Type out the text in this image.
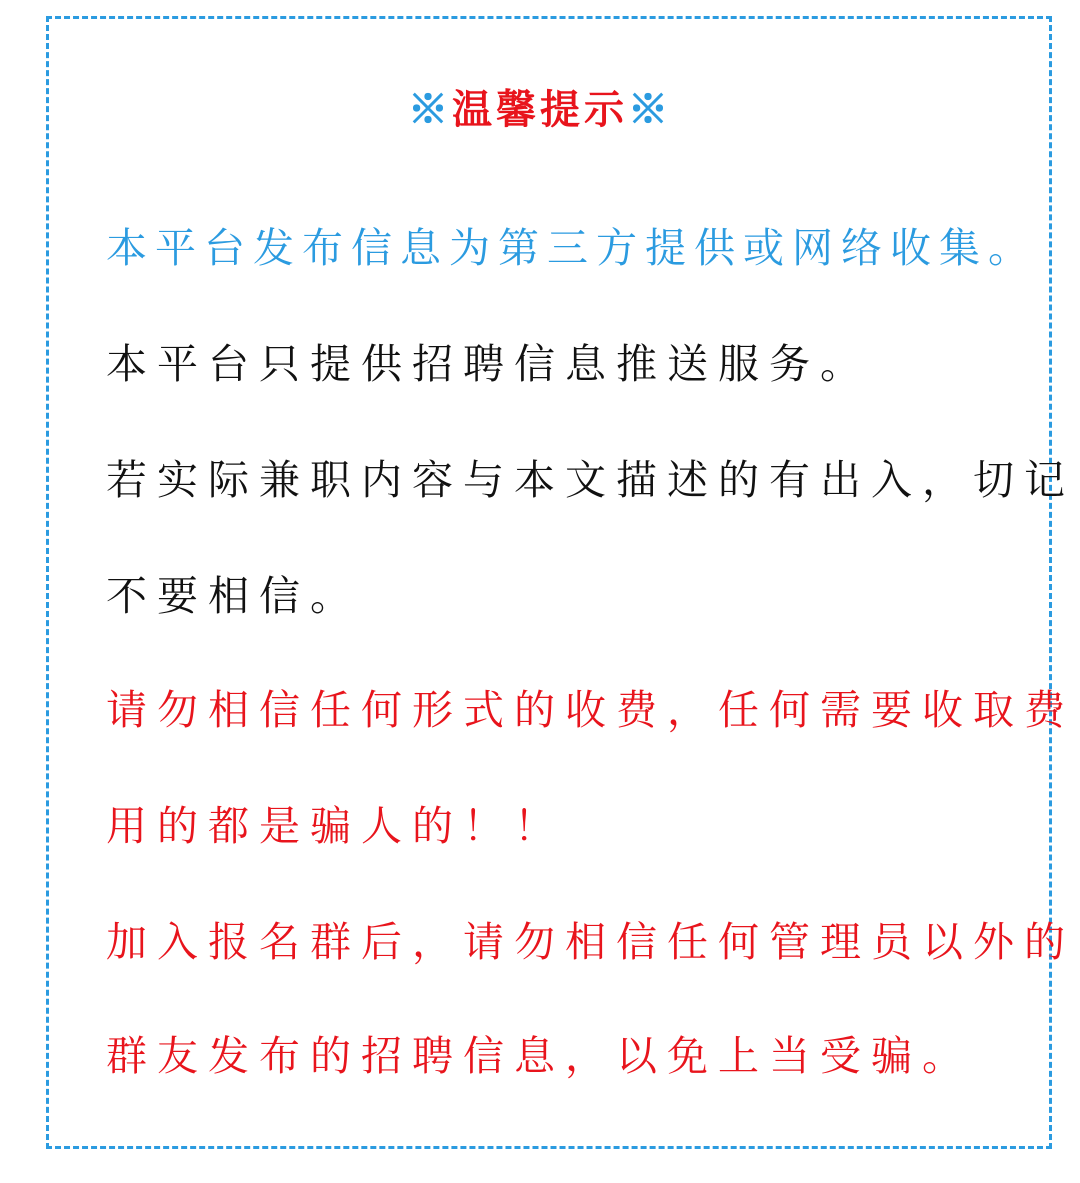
※温馨提示※
本平台发布信息为第三方提供或网络收集。
本平台只提供招聘信息推送服务。
若实际兼职内容与本文描述的有出入，切记
不要相信。
请勿相信任何形式的收费，任何需要收取费
用的都是骗人的！！
加入报名群后，请勿相信任何管理员以外的
群友发布的招聘信息，以免上当受骗。
